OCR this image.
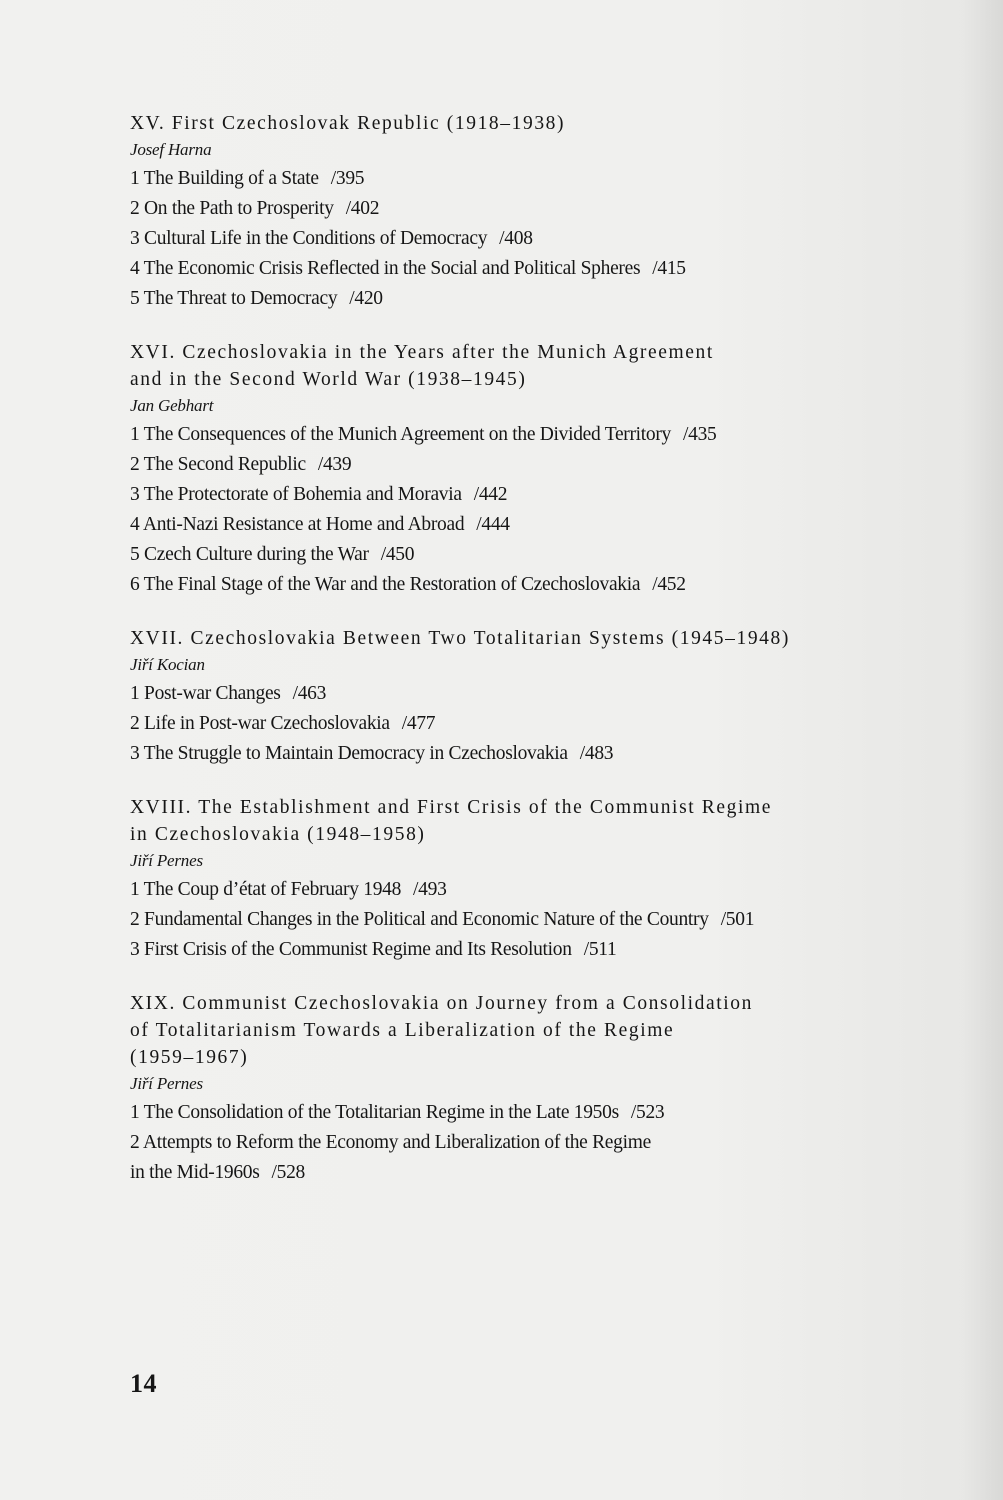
XV. First Czechoslovak Republic (1918–1938)
Josef Harna
1 The Building of a State /395
2 On the Path to Prosperity /402
3 Cultural Life in the Conditions of Democracy /408
4 The Economic Crisis Reflected in the Social and Political Spheres /415
5 The Threat to Democracy /420
XVI. Czechoslovakia in the Years after the Munich Agreement
and in the Second World War (1938–1945)
Jan Gebhart
1 The Consequences of the Munich Agreement on the Divided Territory /435
2 The Second Republic /439
3 The Protectorate of Bohemia and Moravia /442
4 Anti-Nazi Resistance at Home and Abroad /444
5 Czech Culture during the War /450
6 The Final Stage of the War and the Restoration of Czechoslovakia /452
XVII. Czechoslovakia Between Two Totalitarian Systems (1945–1948)
Jiří Kocian
1 Post-war Changes /463
2 Life in Post-war Czechoslovakia /477
3 The Struggle to Maintain Democracy in Czechoslovakia /483
XVIII. The Establishment and First Crisis of the Communist Regime
in Czechoslovakia (1948–1958)
Jiří Pernes
1 The Coup d’état of February 1948 /493
2 Fundamental Changes in the Political and Economic Nature of the Country /501
3 First Crisis of the Communist Regime and Its Resolution /511
XIX. Communist Czechoslovakia on Journey from a Consolidation
of Totalitarianism Towards a Liberalization of the Regime
(1959–1967)
Jiří Pernes
1 The Consolidation of the Totalitarian Regime in the Late 1950s /523
2 Attempts to Reform the Economy and Liberalization of the Regime
in the Mid-1960s /528
14
